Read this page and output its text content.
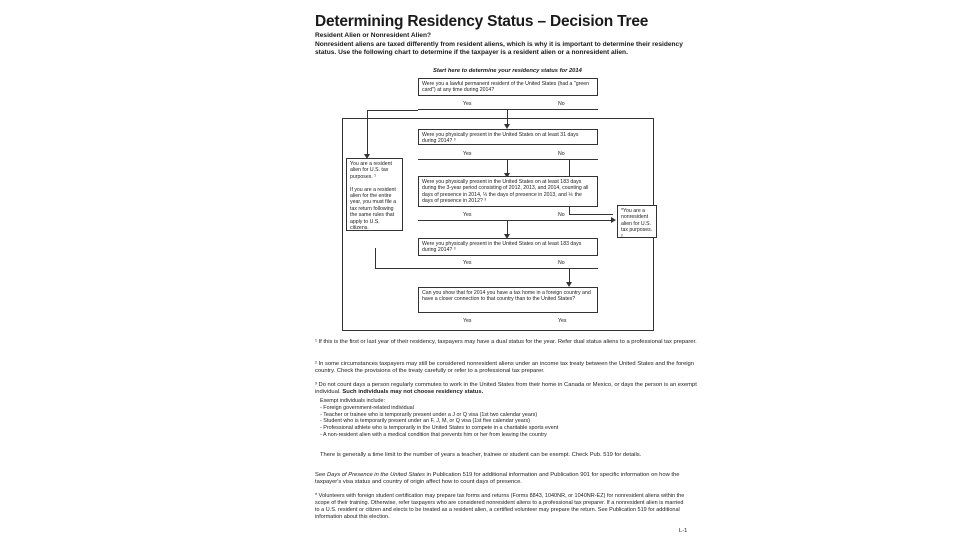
Determining Residency Status – Decision Tree
Resident Alien or Nonresident Alien?
Nonresident aliens are taxed differently from resident aliens, which is why it is important to determine their residency status. Use the following chart to determine if the taxpayer is a resident alien or a nonresident alien.
Start here to determine your residency status for 2014
Were you a lawful permanent resident of the United States (had a "green card") at any time during 2014?
Yes	No
Were you physically present in the United States on at least 31 days during 2014? ³
Yes	No
You are a resident alien for U.S. tax purposes. ¹

If you are a resident alien for the entire year, you must file a tax return following the same rules that apply to U.S. citizens.
Were you physically present in the United States on at least 183 days during the 3-year period consisting of 2012, 2013, and 2014, counting all days of presence in 2014, ⅓ the days of presence in 2013, and ⅙ the days of presence in 2012? ³
Yes	No
*You are a nonresident alien for U.S. tax purposes. ²
Were you physically present in the United States on at least 183 days during 2014? ³
Yes	No
Can you show that for 2014 you have a tax home in a foreign country and have a closer connection to that country than to the United States?
Yes	Yes
¹ If this is the first or last year of their residency, taxpayers may have a dual status for the year. Refer dual status aliens to a professional tax preparer.
² In some circumstances taxpayers may still be considered nonresident aliens under an income tax treaty between the United States and the foreign country. Check the provisions of the treaty carefully or refer to a professional tax preparer.
³ Do not count days a person regularly commutes to work in the United States from their home in Canada or Mexico, or days the person is an exempt individual. Such individuals may not choose residency status.
Exempt individuals include:
- Foreign government-related individual
- Teacher or trainee who is temporarily present under a J or Q visa (1st two calendar years)
- Student who is temporarily present under an F, J, M, or Q visa (1st five calendar years)
- Professional athlete who is temporarily in the United States to compete in a charitable sports event
- A non-resident alien with a medical condition that prevents him or her from leaving the country
There is generally a time limit to the number of years a teacher, trainee or student can be exempt. Check Pub. 519 for details.
See Days of Presence in the United States in Publication 519 for additional information and Publication 901 for specific information on how the taxpayer's visa status and country of origin affect how to count days of presence.
* Volunteers with foreign student certification may prepare tax forms and returns (Forms 8843, 1040NR, or 1040NR-EZ) for nonresident aliens within the scope of their training. Otherwise, refer taxpayers who are considered nonresident aliens to a professional tax preparer. If a nonresident alien is married to a U.S. resident or citizen and elects to be treated as a resident alien, a certified volunteer may prepare the return. See Publication 519 for additional information about this election.
L-1
